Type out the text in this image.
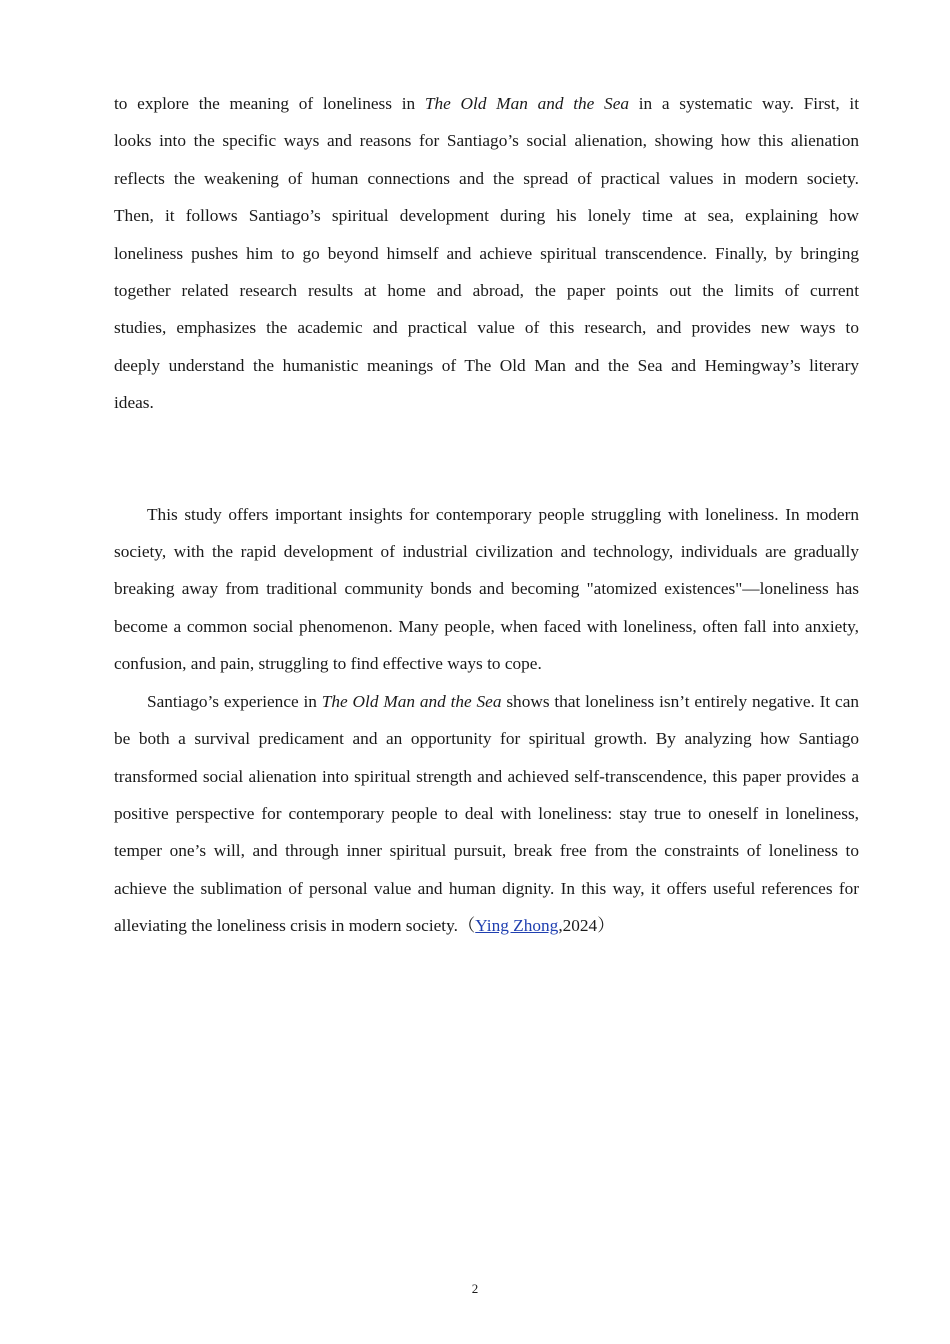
to explore the meaning of loneliness in The Old Man and the Sea in a systematic way. First, it looks into the specific ways and reasons for Santiago’s social alienation, showing how this alienation reflects the weakening of human connections and the spread of practical values in modern society. Then, it follows Santiago’s spiritual development during his lonely time at sea, explaining how loneliness pushes him to go beyond himself and achieve spiritual transcendence. Finally, by bringing together related research results at home and abroad, the paper points out the limits of current studies, emphasizes the academic and practical value of this research, and provides new ways to deeply understand the humanistic meanings of The Old Man and the Sea and Hemingway’s literary ideas.

This study offers important insights for contemporary people struggling with loneliness. In modern society, with the rapid development of industrial civilization and technology, individuals are gradually breaking away from traditional community bonds and becoming "atomized existences"—loneliness has become a common social phenomenon. Many people, when faced with loneliness, often fall into anxiety, confusion, and pain, struggling to find effective ways to cope.

Santiago’s experience in The Old Man and the Sea shows that loneliness isn’t entirely negative. It can be both a survival predicament and an opportunity for spiritual growth. By analyzing how Santiago transformed social alienation into spiritual strength and achieved self-transcendence, this paper provides a positive perspective for contemporary people to deal with loneliness: stay true to oneself in loneliness, temper one’s will, and through inner spiritual pursuit, break free from the constraints of loneliness to achieve the sublimation of personal value and human dignity. In this way, it offers useful references for alleviating the loneliness crisis in modern society.（Ying Zhong,2024）

2
